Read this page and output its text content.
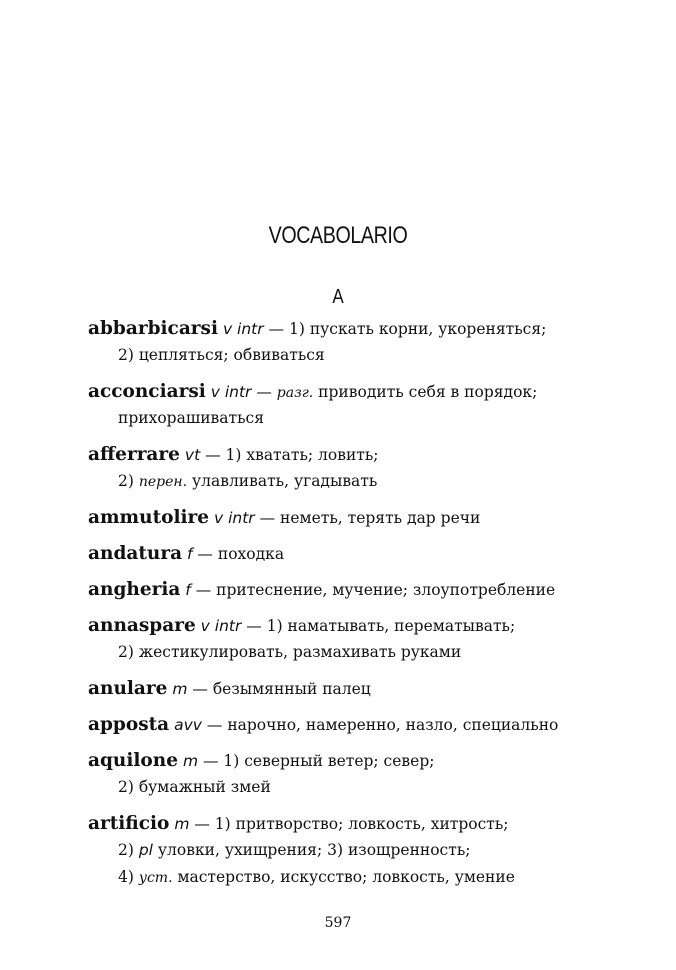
VOCABOLARIO
A
abbarbicarsi v intr — 1) пускать корни, укореняться;
2) цепляться; обвиваться
acconciarsi v intr — разг. приводить себя в порядок;
прихорашиваться
afferrare vt — 1) хватать; ловить;
2) перен. улавливать, угадывать
ammutolire v intr — неметь, терять дар речи
andatura f — походка
angheria f — притеснение, мучение; злоупотребление
annaspare v intr — 1) наматывать, перематывать;
2) жестикулировать, размахивать руками
anulare m — безымянный палец
apposta avv — нарочно, намеренно, назло, специально
aquilone m — 1) северный ветер; север;
2) бумажный змей
artificio m — 1) притворство; ловкость, хитрость;
2) pl уловки, ухищрения; 3) изощренность;
4) уст. мастерство, искусство; ловкость, умение
597
